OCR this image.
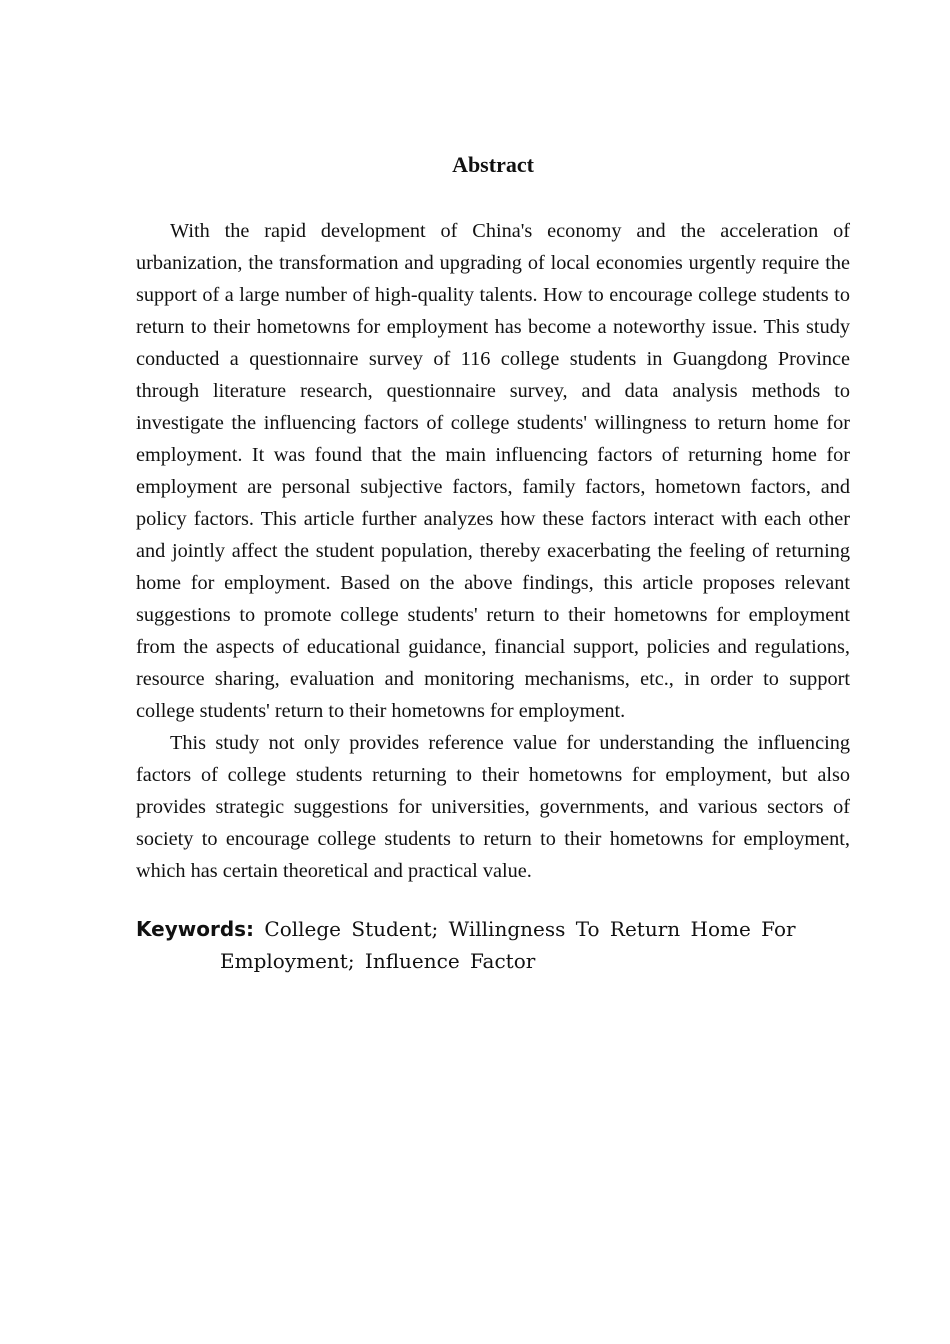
Abstract

With the rapid development of China's economy and the acceleration of urbanization, the transformation and upgrading of local economies urgently require the support of a large number of high-quality talents. How to encourage college students to return to their hometowns for employment has become a noteworthy issue. This study conducted a questionnaire survey of 116 college students in Guangdong Province through literature research, questionnaire survey, and data analysis methods to investigate the influencing factors of college students' willingness to return home for employment. It was found that the main influencing factors of returning home for employment are personal subjective factors, family factors, hometown factors, and policy factors. This article further analyzes how these factors interact with each other and jointly affect the student population, thereby exacerbating the feeling of returning home for employment. Based on the above findings, this article proposes relevant suggestions to promote college students' return to their hometowns for employment from the aspects of educational guidance, financial support, policies and regulations, resource sharing, evaluation and monitoring mechanisms, etc., in order to support college students' return to their hometowns for employment.

This study not only provides reference value for understanding the influencing factors of college students returning to their hometowns for employment, but also provides strategic suggestions for universities, governments, and various sectors of society to encourage college students to return to their hometowns for employment, which has certain theoretical and practical value.

Keywords: College Student; Willingness To Return Home For Employment; Influence Factor
